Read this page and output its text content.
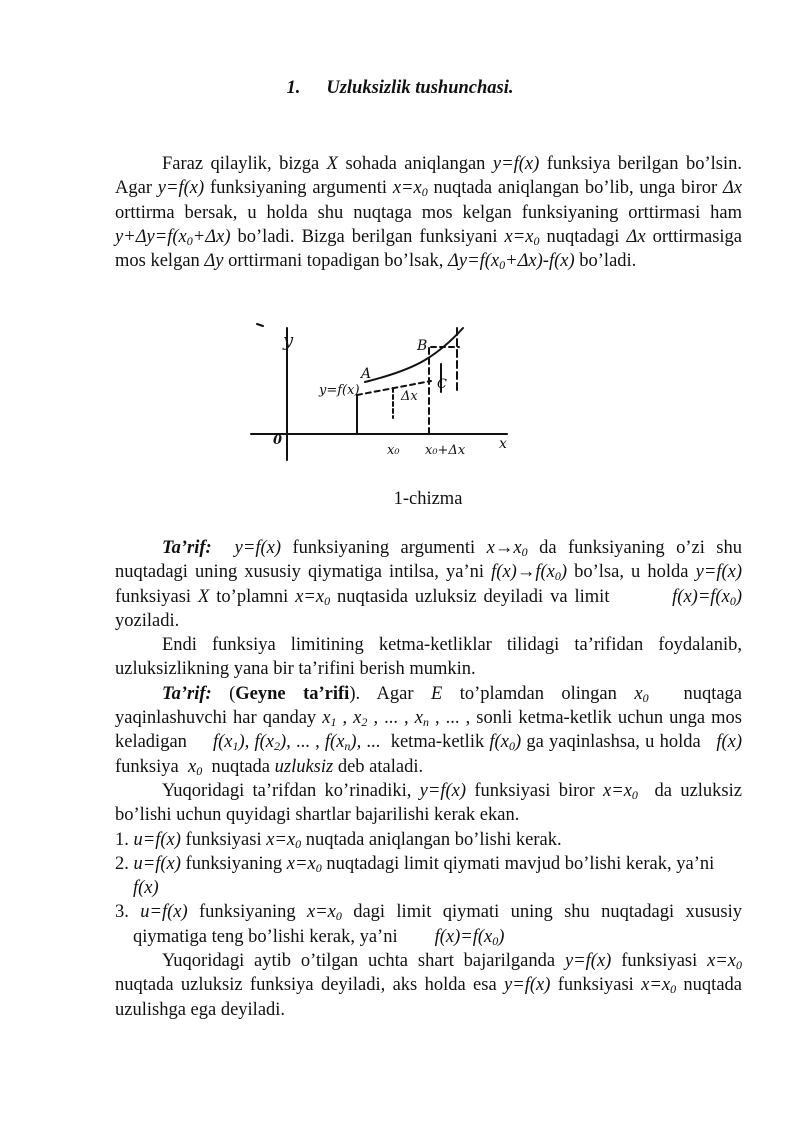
1. Uzluksizlik tushunchasi.

Faraz qilaylik, bizga X sohada aniqlangan y=f(x) funksiya berilgan bo’lsin. Agar y=f(x) funksiyaning argumenti $x=x_0$ nuqtada aniqlangan bo’lib, unga biror Δx orttirma bersak, u holda shu nuqtaga mos kelgan funksiyaning orttirmasi ham $y+\Delta y=f(x_0+\Delta x)$ bo’ladi. Bizga berilgan funksiyani $x=x_0$ nuqtadagi Δx orttirmasiga mos kelgan Δy orttirmani topadigan bo’lsak, $\Delta y=f(x_0+\Delta x)-f(x)$ bo’ladi.

y
x
0
y=f(x)
A
B
C
Δx
x₀ x₀+Δx
1-chizma

Ta’rif: y=f(x) funksiyaning argumenti $x\to x_0$ da funksiyaning o’zi shu nuqtadagi uning xususiy qiymatiga intilsa, ya’ni $f(x)\to f(x_0)$ bo’lsa, u holda y=f(x) funksiyasi X to’plamni $x=x_0$ nuqtasida uzluksiz deyiladi va limit         $f(x)=f(x_0)$ yoziladi.

Endi funksiya limitining ketma-ketliklar tilidagi ta’rifidan foydalanib, uzluksizlikning yana bir ta’rifini berish mumkin.

Ta’rif: (Geyne ta’rifi). Agar E to’plamdan olingan $x_0$  nuqtaga yaqinlashuvchi har qanday $x_1$ , $x_2$ , ... , $x_n$ , ... , sonli ketma-ketlik uchun unga mos keladigan     $f(x_1)$, $f(x_2)$, ... , $f(x_n)$, ...  ketma-ketlik $f(x_0)$ ga yaqinlashsa, u holda   f(x) funksiya  $x_0$  nuqtada uzluksiz deb ataladi.

Yuqoridagi ta’rifdan ko’rinadiki, y=f(x) funksiyasi biror $x=x_0$  da uzluksiz bo’lishi uchun quyidagi shartlar bajarilishi kerak ekan.

1. u=f(x) funksiyasi $x=x_0$ nuqtada aniqlangan bo’lishi kerak.

2. u=f(x) funksiyaning $x=x_0$ nuqtadagi limit qiymati mavjud bo’lishi kerak, ya’ni       f(x)

3. u=f(x) funksiyaning $x=x_0$ dagi limit qiymati uning shu nuqtadagi xususiy qiymatiga teng bo’lishi kerak, ya’ni        $f(x)=f(x_0)$

Yuqoridagi aytib o’tilgan uchta shart bajarilganda y=f(x) funksiyasi $x=x_0$ nuqtada uzluksiz funksiya deyiladi, aks holda esa y=f(x) funksiyasi $x=x_0$ nuqtada uzulishga ega deyiladi.
